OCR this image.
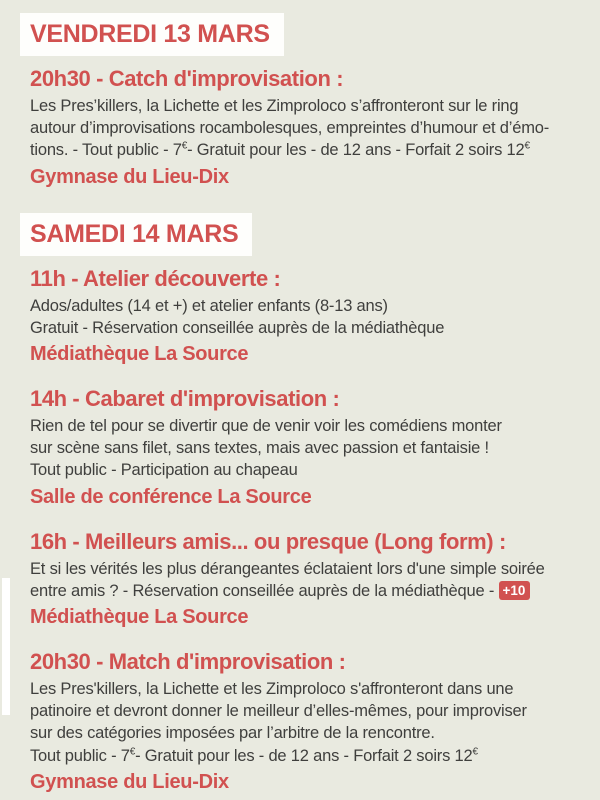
VENDREDI 13 MARS
20h30 - Catch d'improvisation :
Les Pres’killers, la Lichette et les Zimproloco s’affronteront sur le ring
autour d’improvisations rocambolesques, empreintes d’humour et d’émo-
tions. - Tout public - 7€- Gratuit pour les - de 12 ans - Forfait 2 soirs 12€
Gymnase du Lieu-Dix
SAMEDI 14 MARS
11h - Atelier découverte :
Ados/adultes (14 et +) et atelier enfants (8-13 ans)
Gratuit - Réservation conseillée auprès de la médiathèque
Médiathèque La Source
14h - Cabaret d'improvisation :
Rien de tel pour se divertir que de venir voir les comédiens monter
sur scène sans filet, sans textes, mais avec passion et fantaisie !
Tout public - Participation au chapeau
Salle de conférence La Source
16h - Meilleurs amis... ou presque (Long form) :
Et si les vérités les plus dérangeantes éclataient lors d'une simple soirée
entre amis ? - Réservation conseillée auprès de la médiathèque - +10
Médiathèque La Source
20h30 - Match d'improvisation :
Les Pres'killers, la Lichette et les Zimproloco s'affronteront dans une
patinoire et devront donner le meilleur d’elles-mêmes, pour improviser
sur des catégories imposées par l’arbitre de la rencontre.
Tout public - 7€- Gratuit pour les - de 12 ans - Forfait 2 soirs 12€
Gymnase du Lieu-Dix
